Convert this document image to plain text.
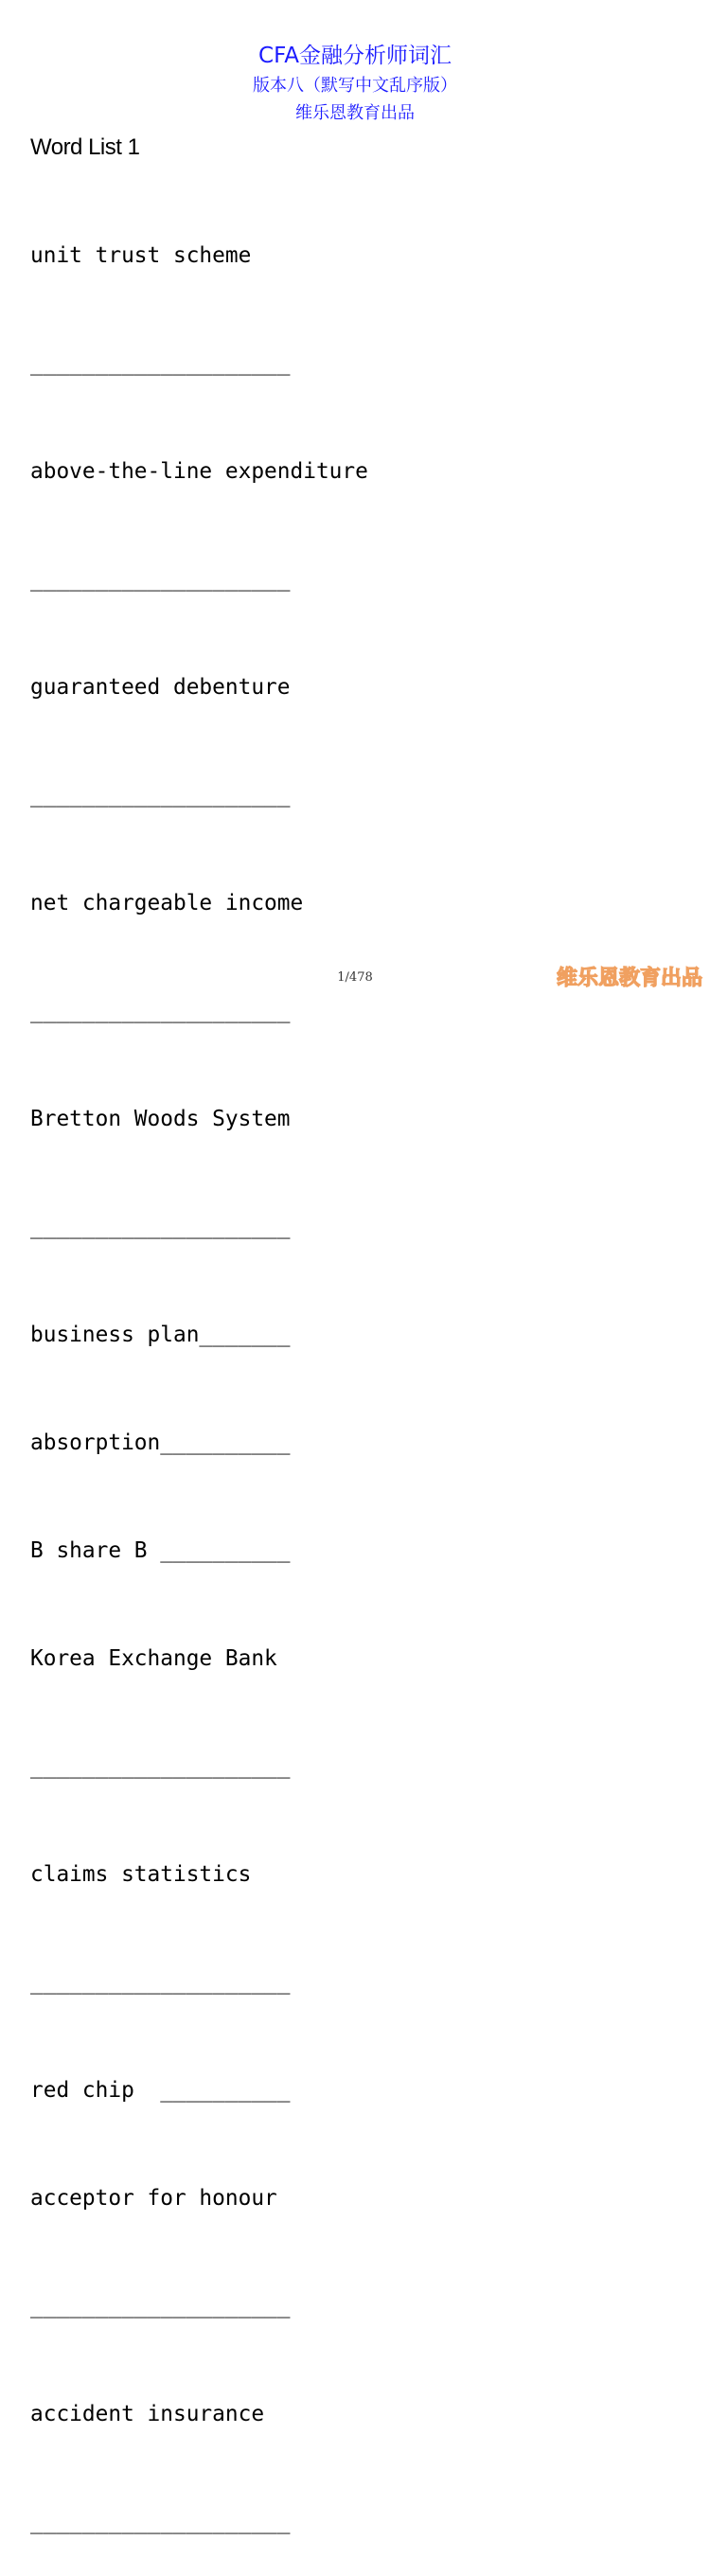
CFA金融分析师词汇
版本八（默写中文乱序版）
维乐恩教育出品
Word List 1

unit trust scheme

____________________

above-the-line expenditure

____________________

guaranteed debenture

____________________

net chargeable income

____________________

Bretton Woods System

____________________

business plan_______

absorption__________

B share B __________

Korea Exchange Bank

____________________

claims statistics

____________________

red chip  __________

acceptor for honour

____________________

accident insurance

____________________

1/478	维乐恩教育出品
